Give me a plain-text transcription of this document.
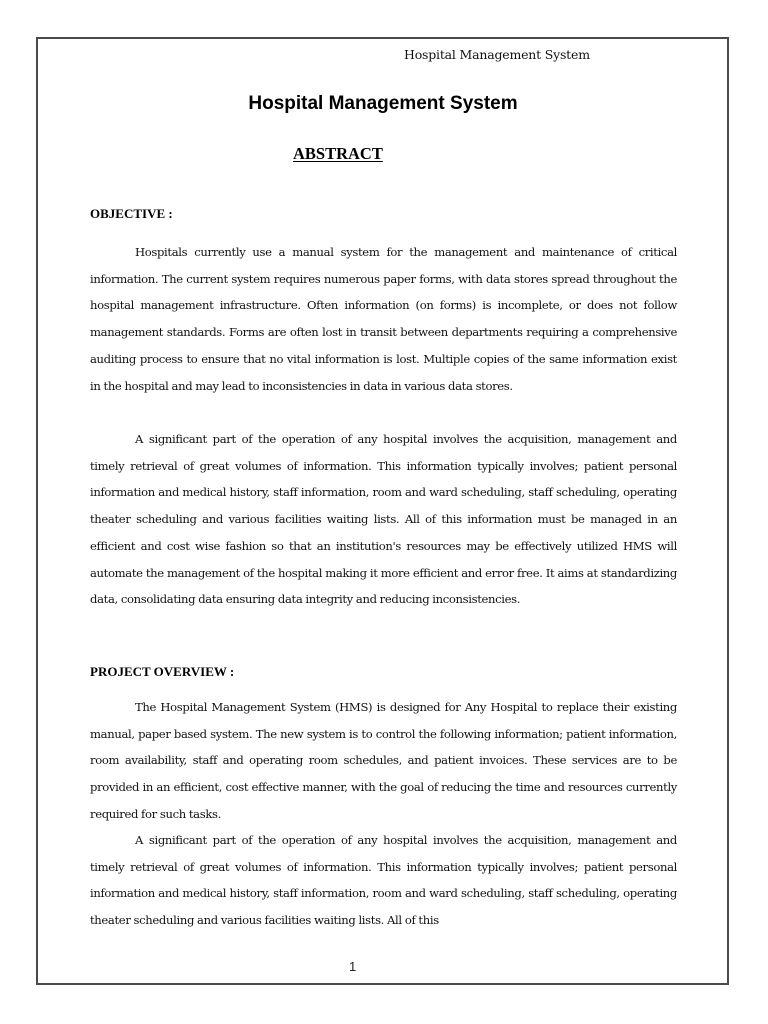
Hospital Management System
Hospital Management System
ABSTRACT
OBJECTIVE :

Hospitals currently use a manual system for the management and maintenance of critical information. The current system requires numerous paper forms, with data stores spread throughout the hospital management infrastructure. Often information (on forms) is incomplete, or does not follow management standards. Forms are often lost in transit between departments requiring a comprehensive auditing process to ensure that no vital information is lost. Multiple copies of the same information exist in the hospital and may lead to inconsistencies in data in various data stores.

A significant part of the operation of any hospital involves the acquisition, management and timely retrieval of great volumes of information. This information typically involves; patient personal information and medical history, staff information, room and ward scheduling, staff scheduling, operating theater scheduling and various facilities waiting lists. All of this information must be managed in an efficient and cost wise fashion so that an institution's resources may be effectively utilized HMS will automate the management of the hospital making it more efficient and error free. It aims at standardizing data, consolidating data ensuring data integrity and reducing inconsistencies.

PROJECT OVERVIEW :

The Hospital Management System (HMS) is designed for Any Hospital to replace their existing manual, paper based system. The new system is to control the following information; patient information, room availability, staff and operating room schedules, and patient invoices. These services are to be provided in an efficient, cost effective manner, with the goal of reducing the time and resources currently required for such tasks.

A significant part of the operation of any hospital involves the acquisition, management and timely retrieval of great volumes of information. This information typically involves; patient personal information and medical history, staff information, room and ward scheduling, staff scheduling, operating theater scheduling and various facilities waiting lists. All of this

1
